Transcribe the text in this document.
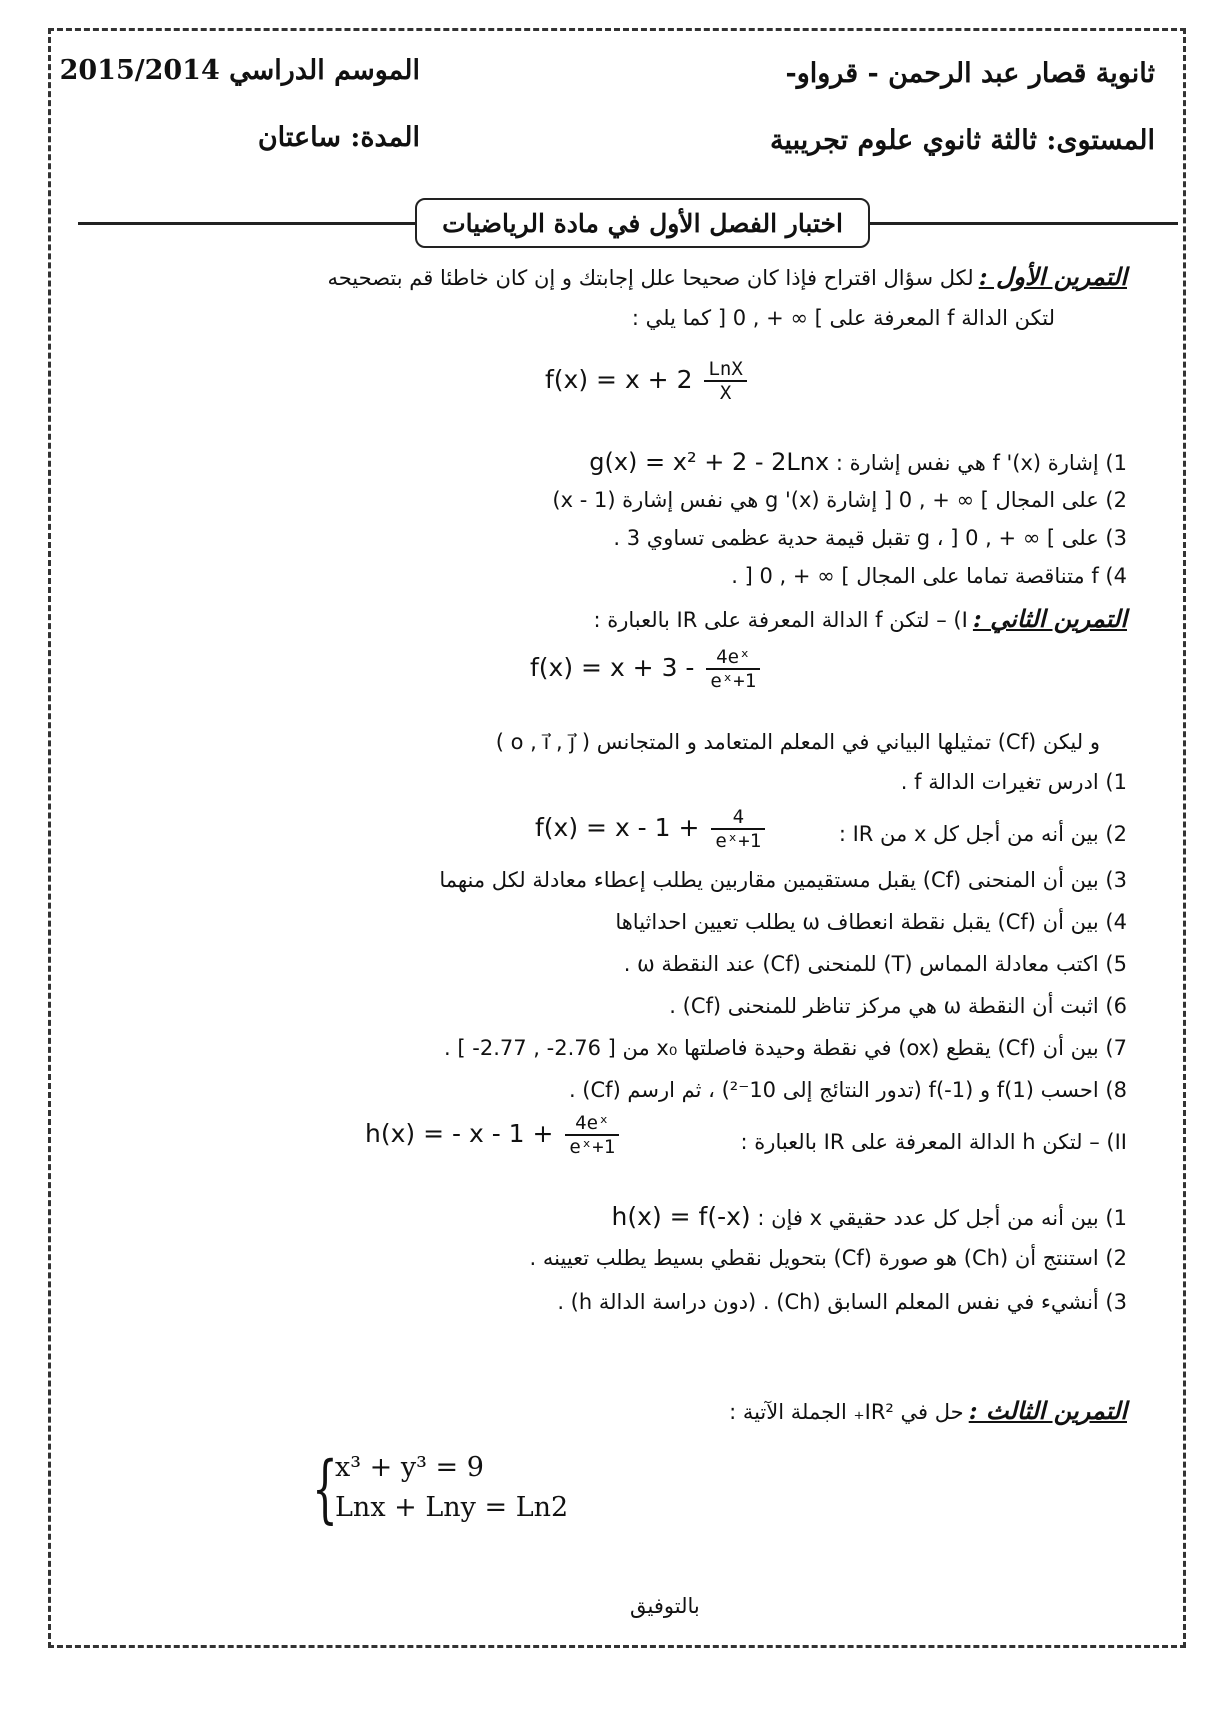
ثانوية قصار عبد الرحمن - قرواو-
المستوى: ثالثة ثانوي علوم تجريبية
الموسم الدراسي 2015/2014
المدة: ساعتان
اختبار الفصل الأول في مادة الرياضيات
التمرين الأول : لكل سؤال اقتراح فإذا كان صحيحا علل إجابتك و إن كان خاطئا قم بتصحيحه
لتكن الدالة f المعرفة على ] ∞ + , 0 [ كما يلي :
f(x) = x + 2 LnX
X
1) إشارة f '(x) هي نفس إشارة : g(x) = x² + 2 - 2Lnx
2) على المجال ] ∞ + , 0 [ إشارة g '(x) هي نفس إشارة (x - 1)
3) على ] ∞ + , 0 [ ، g تقبل قيمة حدية عظمى تساوي 3 .
4) f متناقصة تماما على المجال ] ∞ + , 0 [ .
التمرين الثاني : I) – لتكن f الدالة المعرفة على IR بالعبارة :
$f(x) = x + 3 - \frac{\text{4eˣ}}{\text{eˣ+1}}$
و ليكن (Cf) تمثيلها البياني في المعلم المتعامد و المتجانس ( o , i⃗ , j⃗ )
1) ادرس تغيرات الدالة f .
2) بين أنه من أجل كل x من IR :
$f(x) = x - 1 + \frac{4}{\text{eˣ+1}}$
3) بين أن المنحنى (Cf) يقبل مستقيمين مقاربين يطلب إعطاء معادلة لكل منهما
4) بين أن (Cf) يقبل نقطة انعطاف ω يطلب تعيين احداثياها
5) اكتب معادلة المماس (T) للمنحنى (Cf) عند النقطة ω .
6) اثبت أن النقطة ω هي مركز تناظر للمنحنى (Cf) .
7) بين أن (Cf) يقطع (ox) في نقطة وحيدة فاصلتها x₀ من [ 2.76- , 2.77- ] .
8) احسب f(1) و f(-1) (تدور النتائج إلى 10⁻²) ، ثم ارسم (Cf) .
II) – لتكن h الدالة المعرفة على IR بالعبارة :
h(x) = - $x - 1 + \frac{\text{4eˣ}}{\text{eˣ+1}}$
1) بين أنه من أجل كل عدد حقيقي x فإن : h(x) = f(-x)
2) استنتج أن (Ch) هو صورة (Cf) بتحويل نقطي بسيط يطلب تعيينه .
3) أنشيء في نفس المعلم السابق (Ch) . (دون دراسة الدالة h) .
التمرين الثالث : حل في IR²₊ الجملة الآتية :
{
x³ + y³ = 9
Lnx + Lny = Ln2
بالتوفيق
